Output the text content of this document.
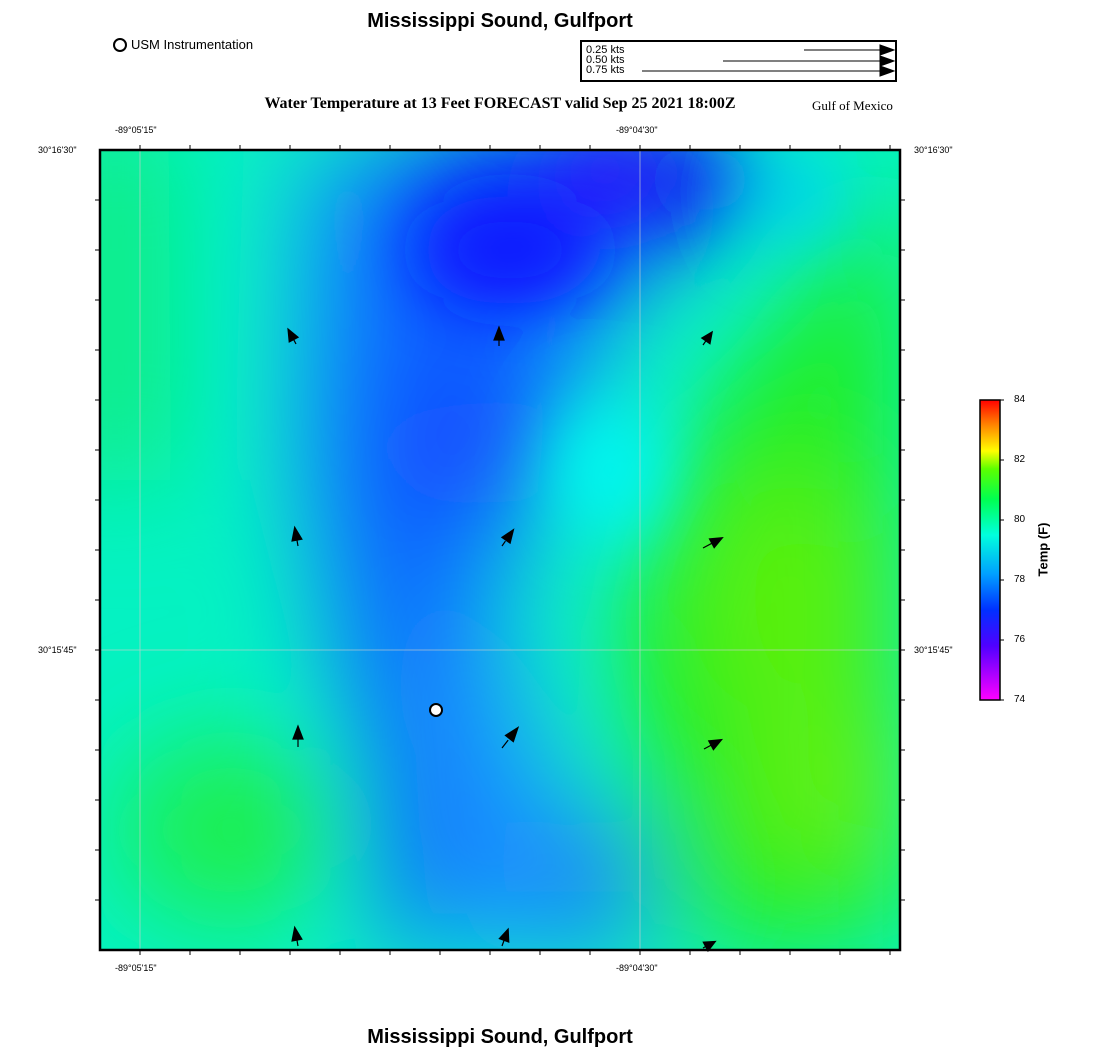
Mississippi Sound, Gulfport
USM Instrumentation	0.25 kts
0.50 kts
0.75 kts
Water Temperature at 13 Feet FORECAST valid Sep 25 2021 18:00Z	Gulf of Mexico
-89°05'15"	-89°04'30"
-89°05'15"	-89°04'30"
30°16'30"
30°15'45"
30°16'30"
30°15'45"
84
82
80
78
76
74
Temp (F)
Mississippi Sound, Gulfport
